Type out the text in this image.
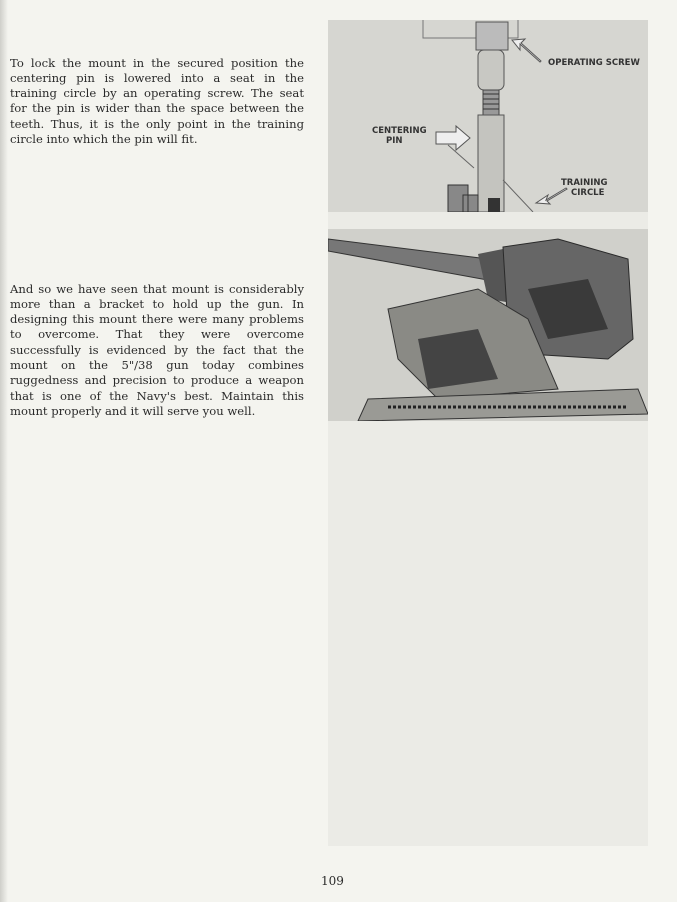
To lock the mount in the secured position the centering pin is lowered into a seat in the training circle by an operating screw. The seat for the pin is wider than the space between the teeth. Thus, it is the only point in the training circle into which the pin will fit.

And so we have seen that mount is considerably more than a bracket to hold up the gun. In designing this mount there were many problems to overcome. That they were overcome successfully is evidenced by the fact that the mount on the 5"/38 gun today combines ruggedness and precision to produce a weapon that is one of the Navy's best. Maintain this mount properly and it will serve you well.

OPERATING SCREW
CENTERING
PIN
TRAINING
CIRCLE
109
